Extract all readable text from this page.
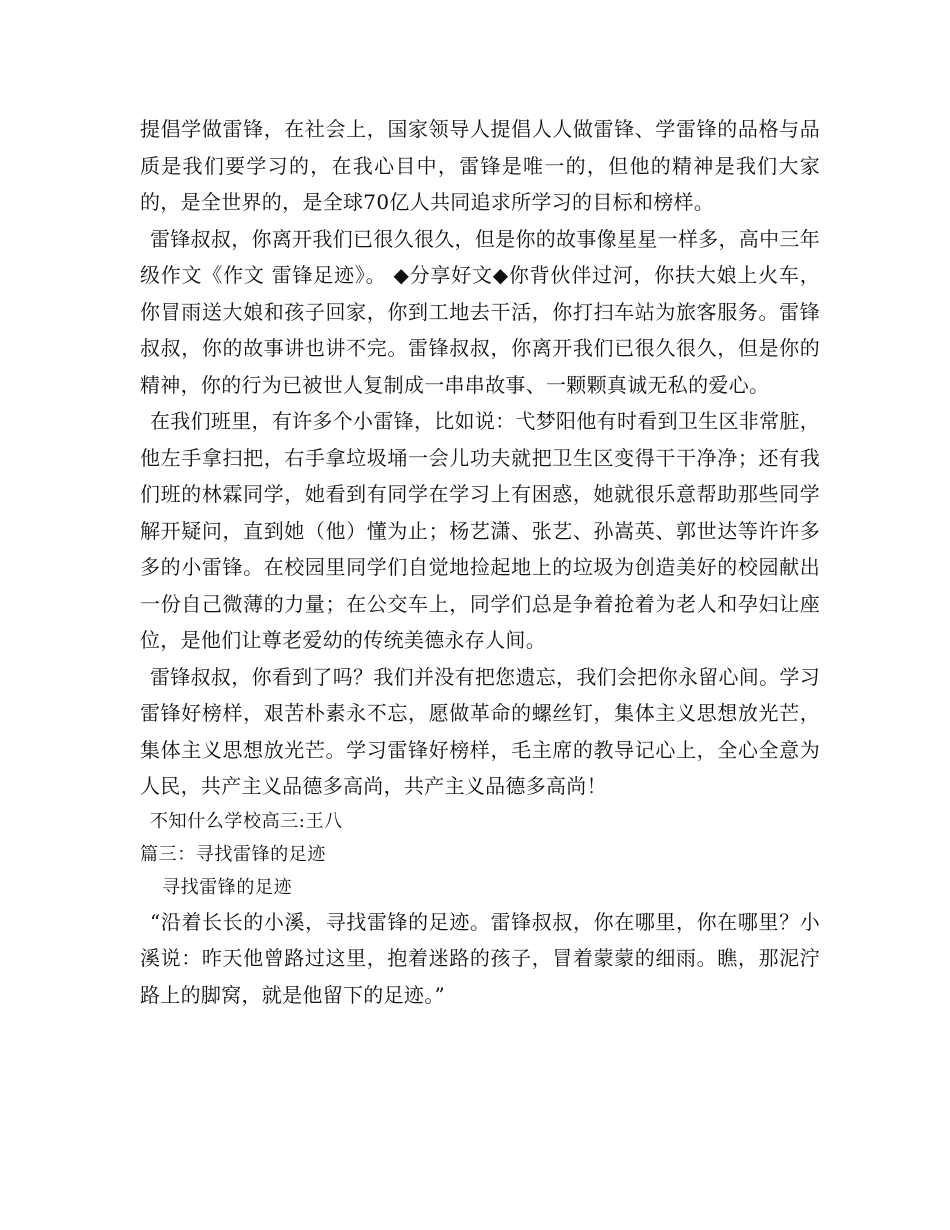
提倡学做雷锋，在社会上，国家领导人提倡人人做雷锋、学雷锋的品格与品质是我们要学习的，在我心目中，雷锋是唯一的，但他的精神是我们大家的，是全世界的，是全球70亿人共同追求所学习的目标和榜样。

雷锋叔叔，你离开我们已很久很久，但是你的故事像星星一样多，高中三年级作文《作文 雷锋足迹》。 ◆分享好文◆你背伙伴过河，你扶大娘上火车，你冒雨送大娘和孩子回家，你到工地去干活，你打扫车站为旅客服务。雷锋叔叔，你的故事讲也讲不完。雷锋叔叔，你离开我们已很久很久，但是你的精神，你的行为已被世人复制成一串串故事、一颗颗真诚无私的爱心。

在我们班里，有许多个小雷锋，比如说：弋梦阳他有时看到卫生区非常脏，他左手拿扫把，右手拿垃圾埇一会儿功夫就把卫生区变得干干净净；还有我们班的林霖同学，她看到有同学在学习上有困惑，她就很乐意帮助那些同学解开疑问，直到她（他）懂为止；杨艺潇、张艺、孙嵩英、郭世达等许许多多的小雷锋。在校园里同学们自觉地捡起地上的垃圾为创造美好的校园献出一份自己微薄的力量；在公交车上，同学们总是争着抢着为老人和孕妇让座位，是他们让尊老爱幼的传统美德永存人间。

雷锋叔叔，你看到了吗？我们并没有把您遗忘，我们会把你永留心间。学习雷锋好榜样，艰苦朴素永不忘，愿做革命的螺丝钉，集体主义思想放光芒，集体主义思想放光芒。学习雷锋好榜样，毛主席的教导记心上，全心全意为人民，共产主义品德多高尚，共产主义品德多高尚！

不知什么学校高三:王八

篇三：寻找雷锋的足迹

寻找雷锋的足迹

“沿着长长的小溪，寻找雷锋的足迹。雷锋叔叔，你在哪里，你在哪里？小溪说：昨天他曾路过这里，抱着迷路的孩子，冒着蒙蒙的细雨。瞧，那泥泞路上的脚窝，就是他留下的足迹。”
